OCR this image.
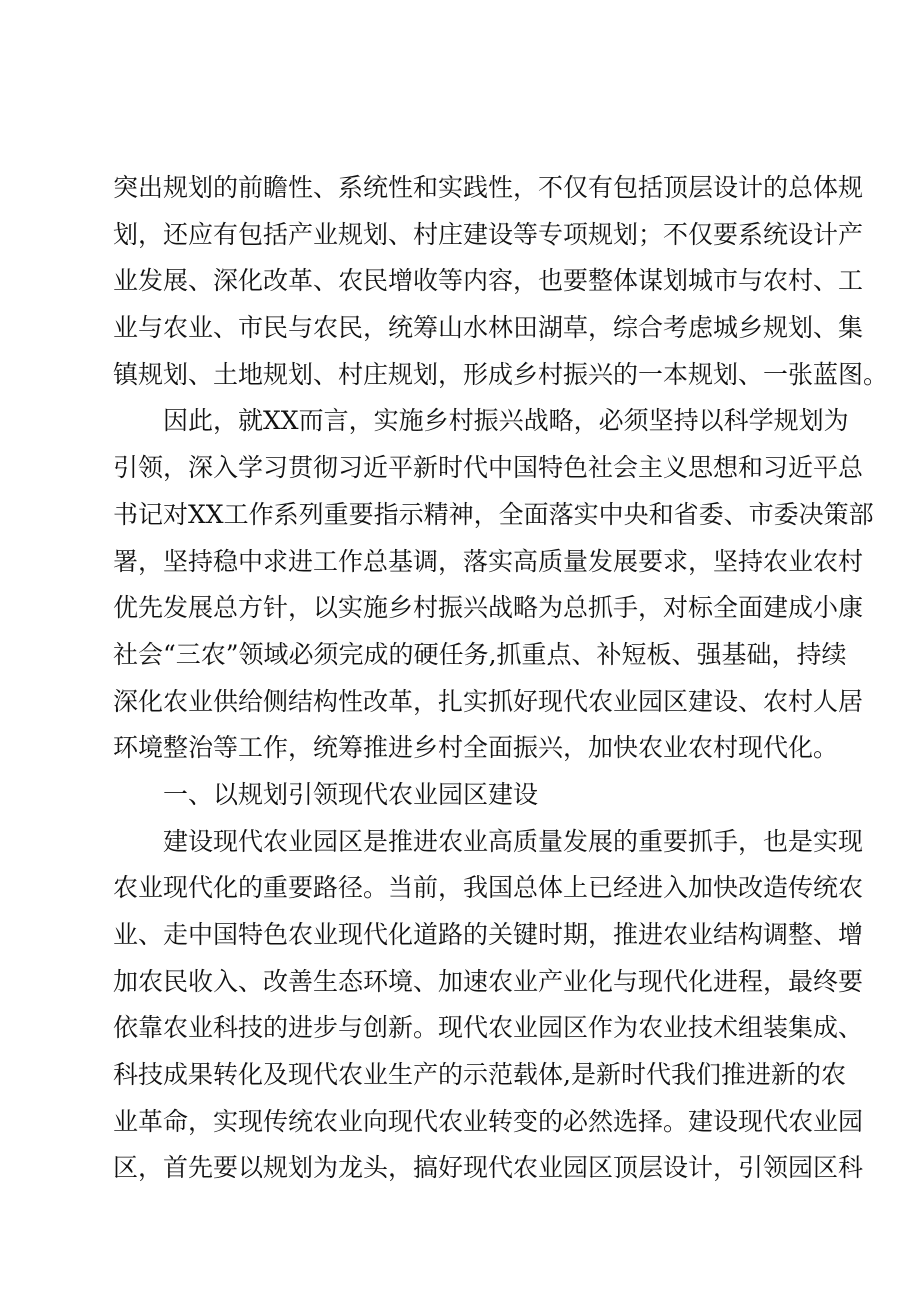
突出规划的前瞻性、系统性和实践性，不仅有包括顶层设计的总体规
划，还应有包括产业规划、村庄建设等专项规划；不仅要系统设计产
业发展、深化改革、农民增收等内容，也要整体谋划城市与农村、工
业与农业、市民与农民，统筹山水林田湖草，综合考虑城乡规划、集
镇规划、土地规划、村庄规划，形成乡村振兴的一本规划、一张蓝图。
因此，就XX而言，实施乡村振兴战略，必须坚持以科学规划为
引领，深入学习贯彻习近平新时代中国特色社会主义思想和习近平总
书记对XX工作系列重要指示精神，全面落实中央和省委、市委决策部
署，坚持稳中求进工作总基调，落实高质量发展要求，坚持农业农村
优先发展总方针，以实施乡村振兴战略为总抓手，对标全面建成小康
社会“三农”领域必须完成的硬任务,抓重点、补短板、强基础，持续
深化农业供给侧结构性改革，扎实抓好现代农业园区建设、农村人居
环境整治等工作，统筹推进乡村全面振兴，加快农业农村现代化。
一、以规划引领现代农业园区建设
建设现代农业园区是推进农业高质量发展的重要抓手，也是实现
农业现代化的重要路径。当前，我国总体上已经进入加快改造传统农
业、走中国特色农业现代化道路的关键时期，推进农业结构调整、增
加农民收入、改善生态环境、加速农业产业化与现代化进程，最终要
依靠农业科技的进步与创新。现代农业园区作为农业技术组装集成、
科技成果转化及现代农业生产的示范载体,是新时代我们推进新的农
业革命，实现传统农业向现代农业转变的必然选择。建设现代农业园
区，首先要以规划为龙头，搞好现代农业园区顶层设计，引领园区科
